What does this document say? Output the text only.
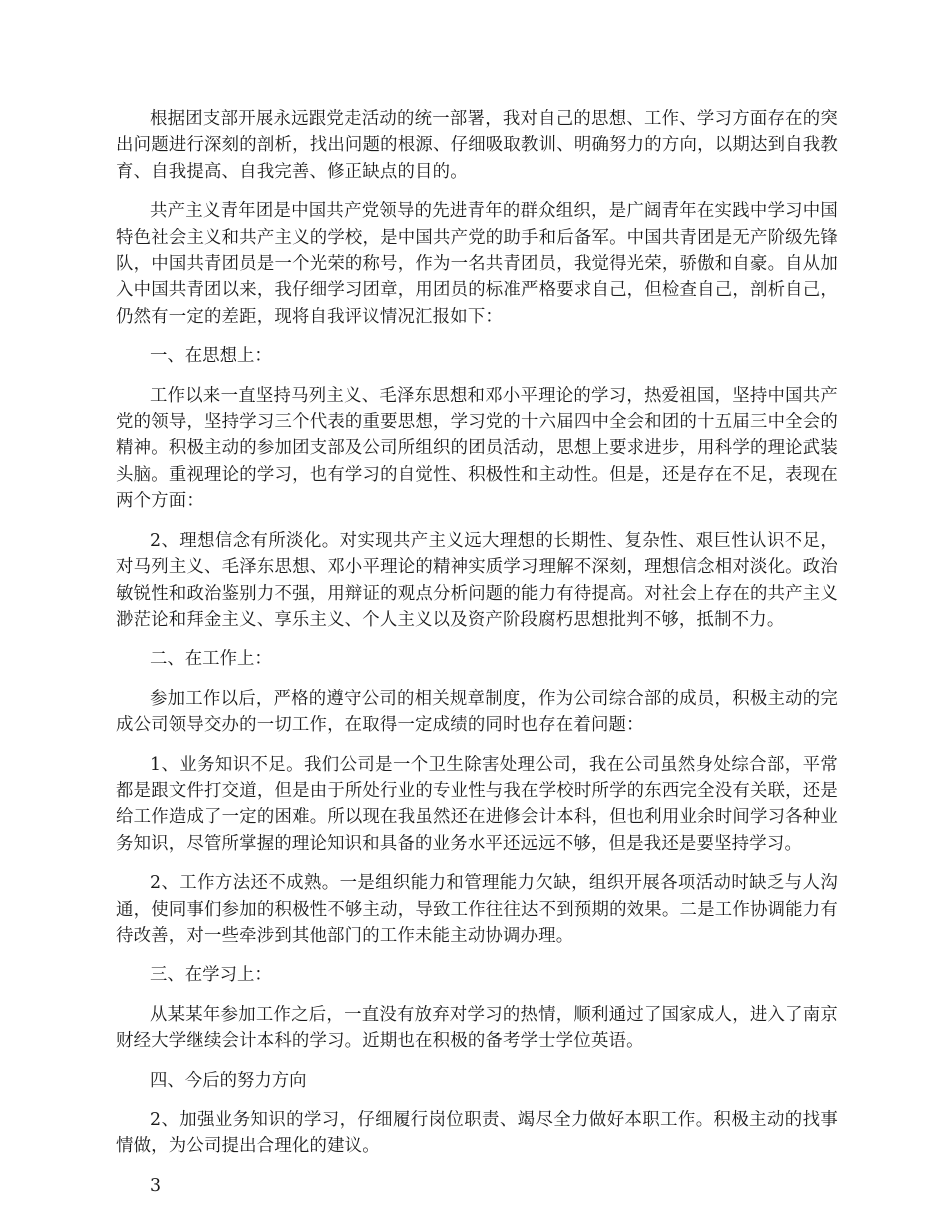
根据团支部开展永远跟党走活动的统一部署，我对自己的思想、工作、学习方面存在的突出问题进行深刻的剖析，找出问题的根源、仔细吸取教训、明确努力的方向，以期达到自我教育、自我提高、自我完善、修正缺点的目的。

共产主义青年团是中国共产党领导的先进青年的群众组织，是广阔青年在实践中学习中国特色社会主义和共产主义的学校，是中国共产党的助手和后备军。中国共青团是无产阶级先锋队，中国共青团员是一个光荣的称号，作为一名共青团员，我觉得光荣，骄傲和自豪。自从加入中国共青团以来，我仔细学习团章，用团员的标准严格要求自己，但检查自己，剖析自己，仍然有一定的差距，现将自我评议情况汇报如下：

一、在思想上：

工作以来一直坚持马列主义、毛泽东思想和邓小平理论的学习，热爱祖国，坚持中国共产党的领导，坚持学习三个代表的重要思想，学习党的十六届四中全会和团的十五届三中全会的精神。积极主动的参加团支部及公司所组织的团员活动，思想上要求进步，用科学的理论武装头脑。重视理论的学习，也有学习的自觉性、积极性和主动性。但是，还是存在不足，表现在两个方面：

2、理想信念有所淡化。对实现共产主义远大理想的长期性、复杂性、艰巨性认识不足，对马列主义、毛泽东思想、邓小平理论的精神实质学习理解不深刻，理想信念相对淡化。政治敏锐性和政治鉴别力不强，用辩证的观点分析问题的能力有待提高。对社会上存在的共产主义渺茫论和拜金主义、享乐主义、个人主义以及资产阶段腐朽思想批判不够，抵制不力。

二、在工作上：

参加工作以后，严格的遵守公司的相关规章制度，作为公司综合部的成员，积极主动的完成公司领导交办的一切工作，在取得一定成绩的同时也存在着问题：

1、业务知识不足。我们公司是一个卫生除害处理公司，我在公司虽然身处综合部，平常都是跟文件打交道，但是由于所处行业的专业性与我在学校时所学的东西完全没有关联，还是给工作造成了一定的困难。所以现在我虽然还在进修会计本科，但也利用业余时间学习各种业务知识，尽管所掌握的理论知识和具备的业务水平还远远不够，但是我还是要坚持学习。

2、工作方法还不成熟。一是组织能力和管理能力欠缺，组织开展各项活动时缺乏与人沟通，使同事们参加的积极性不够主动，导致工作往往达不到预期的效果。二是工作协调能力有待改善，对一些牵涉到其他部门的工作未能主动协调办理。

三、在学习上：

从某某年参加工作之后，一直没有放弃对学习的热情，顺利通过了国家成人，进入了南京财经大学继续会计本科的学习。近期也在积极的备考学士学位英语。

四、今后的努力方向

2、加强业务知识的学习，仔细履行岗位职责、竭尽全力做好本职工作。积极主动的找事情做，为公司提出合理化的建议。

3
